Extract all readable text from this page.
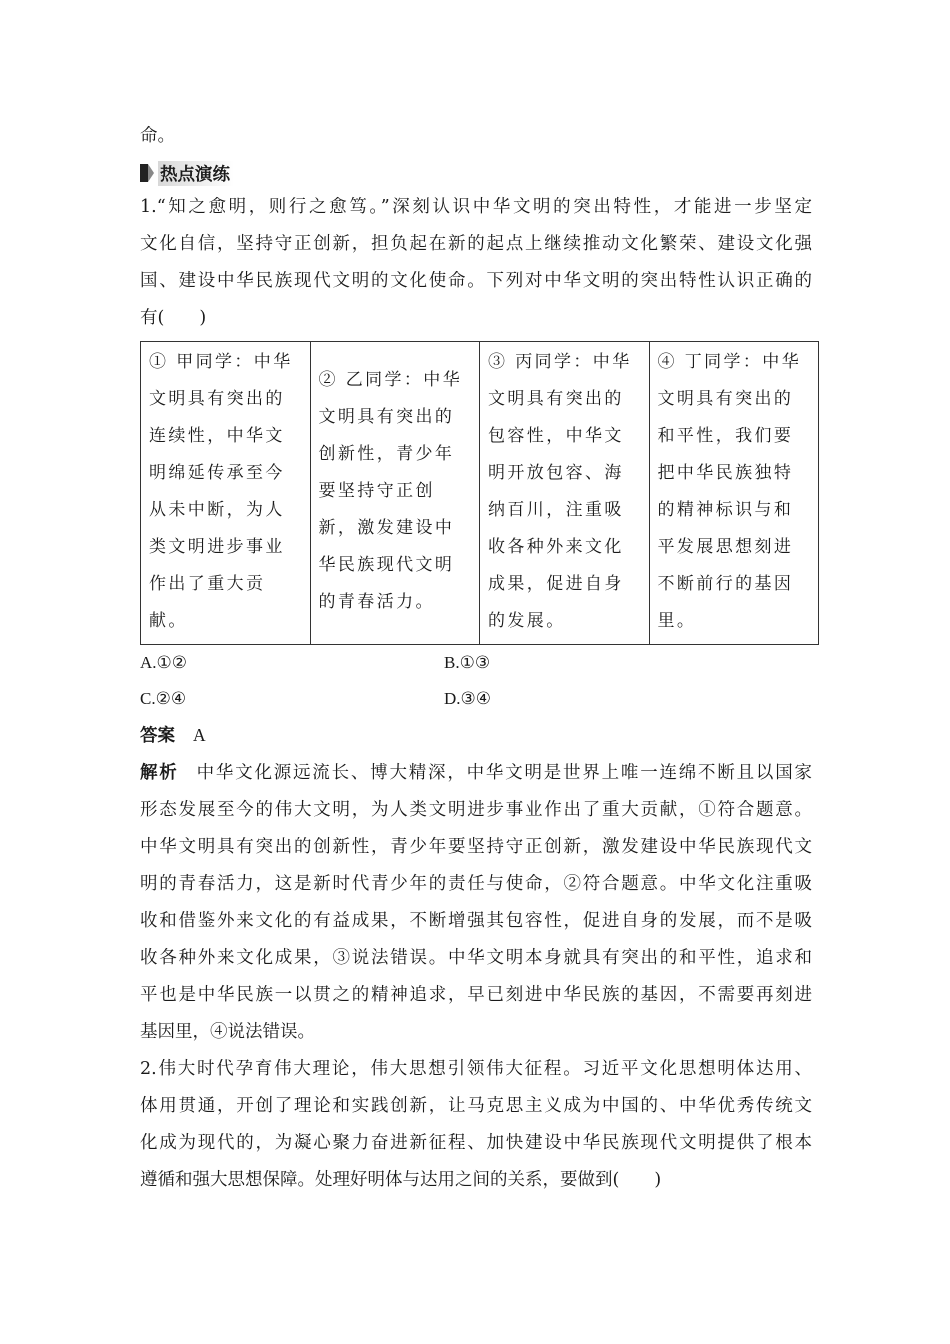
命。
热点演练
1.“知之愈明，则行之愈笃。”深刻认识中华文明的突出特性，才能进一步坚定
文化自信，坚持守正创新，担负起在新的起点上继续推动文化繁荣、建设文化强
国、建设中华民族现代文明的文化使命。下列对中华文明的突出特性认识正确的
有(　　)
① 甲同学：中华
文明具有突出的
连续性，中华文
明绵延传承至今
从未中断，为人
类文明进步事业
作出了重大贡
献。

② 乙同学：中华
文明具有突出的
创新性，青少年
要坚持守正创
新，激发建设中
华民族现代文明
的青春活力。

③ 丙同学：中华
文明具有突出的
包容性，中华文
明开放包容、海
纳百川，注重吸
收各种外来文化
成果，促进自身
的发展。

④ 丁同学：中华
文明具有突出的
和平性，我们要
把中华民族独特
的精神标识与和
平发展思想刻进
不断前行的基因
里。
A.①②	B.①③
C.②④	D.③④
答案 A
解析 中华文化源远流长、博大精深，中华文明是世界上唯一连绵不断且以国家
形态发展至今的伟大文明，为人类文明进步事业作出了重大贡献，①符合题意。
中华文明具有突出的创新性，青少年要坚持守正创新，激发建设中华民族现代文
明的青春活力，这是新时代青少年的责任与使命，②符合题意。中华文化注重吸
收和借鉴外来文化的有益成果，不断增强其包容性，促进自身的发展，而不是吸
收各种外来文化成果，③说法错误。中华文明本身就具有突出的和平性，追求和
平也是中华民族一以贯之的精神追求，早已刻进中华民族的基因，不需要再刻进
基因里，④说法错误。
2.伟大时代孕育伟大理论，伟大思想引领伟大征程。习近平文化思想明体达用、
体用贯通，开创了理论和实践创新，让马克思主义成为中国的、中华优秀传统文
化成为现代的，为凝心聚力奋进新征程、加快建设中华民族现代文明提供了根本
遵循和强大思想保障。处理好明体与达用之间的关系，要做到(　　)
